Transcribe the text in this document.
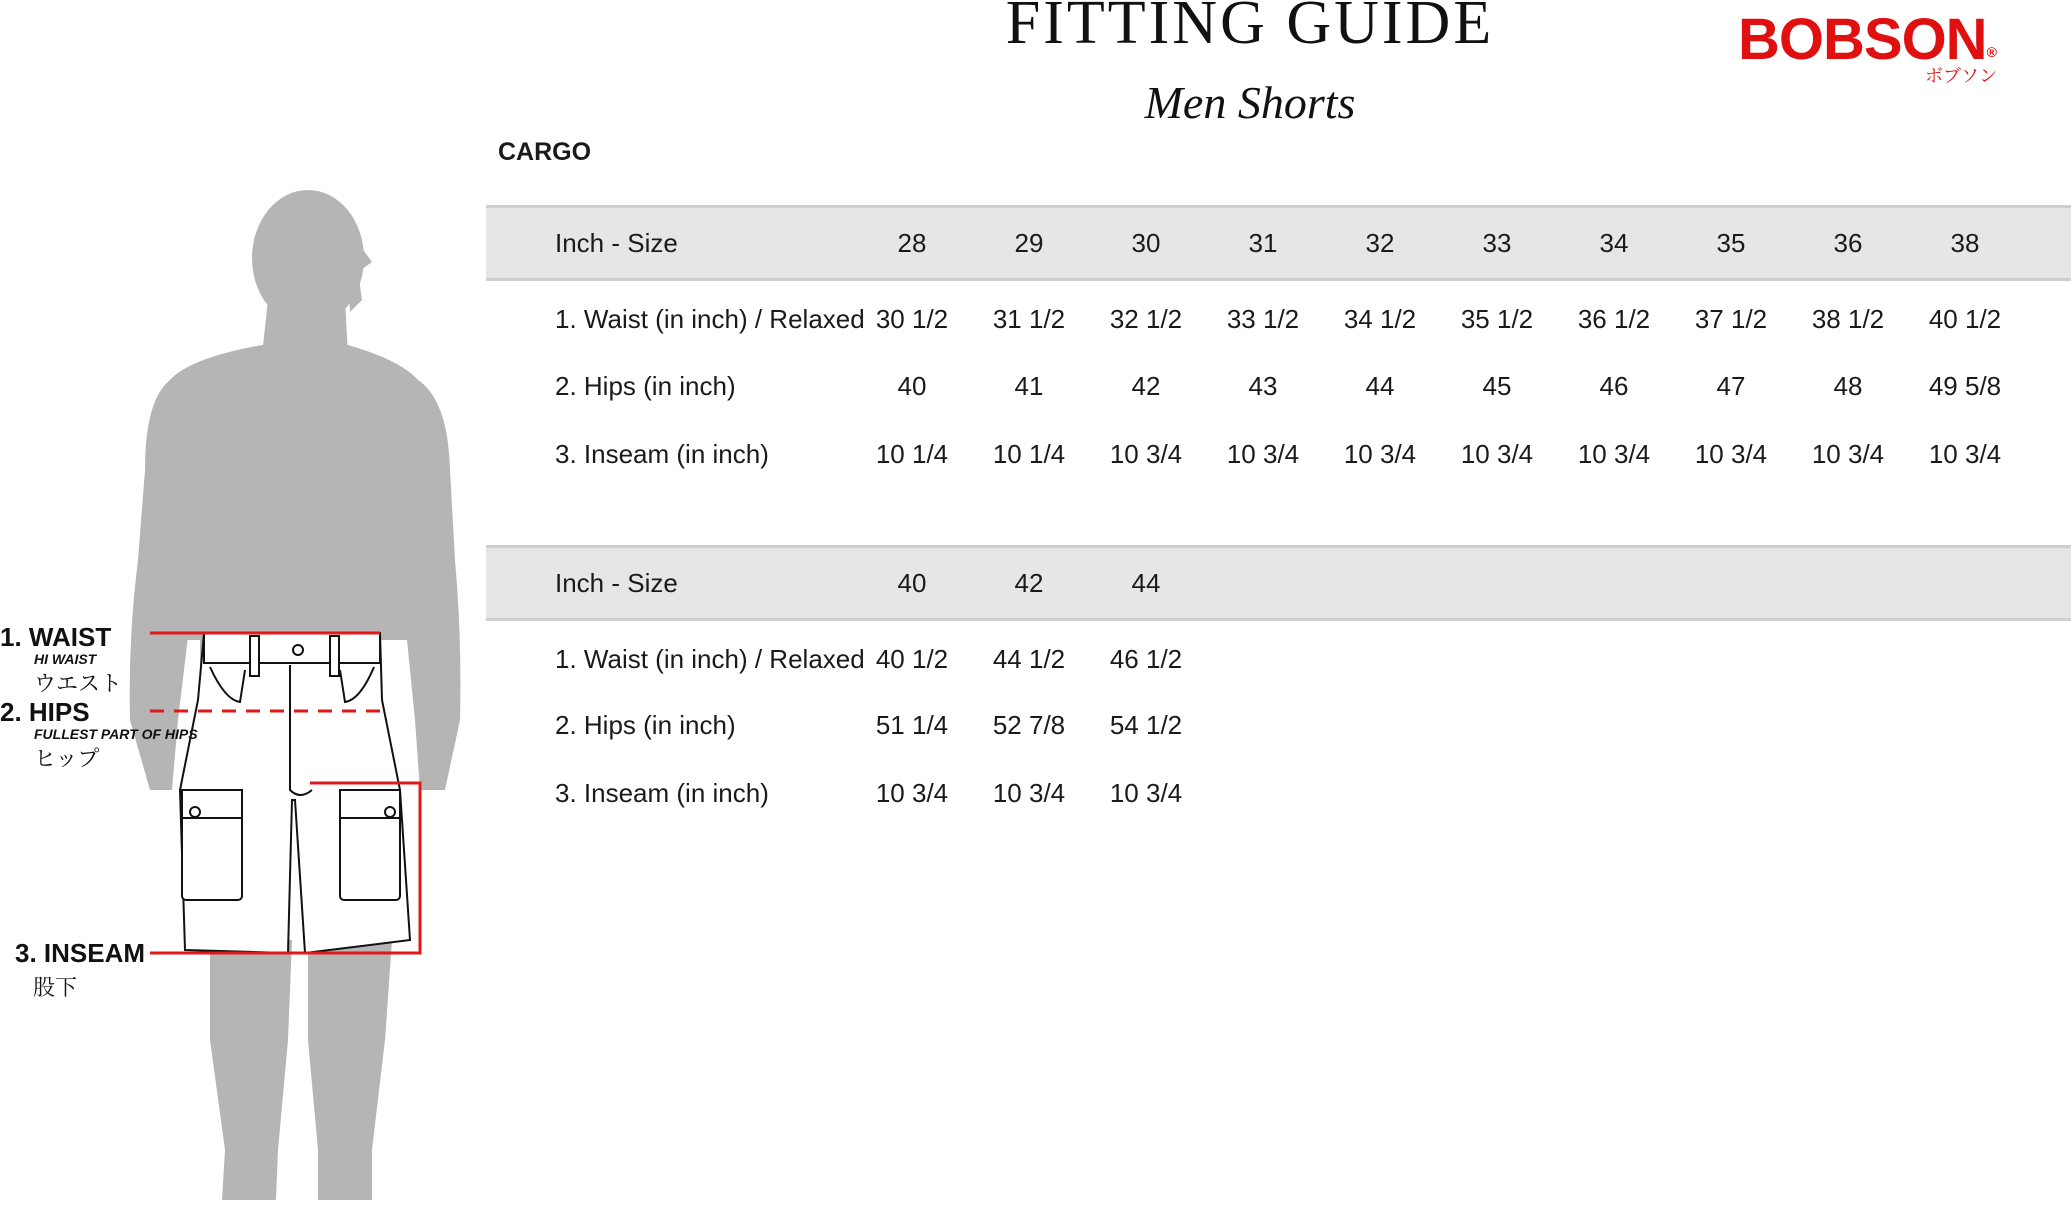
FITTING GUIDE
Men Shorts
BOBSON®
ボブソン
CARGO
1. WAIST
HI WAIST
ウエスト
2. HIPS
FULLEST PART OF HIPS
ヒップ
3. INSEAM
股下
Inch - Size	28	29	30	31	32	33	34	35	36	38
1. Waist (in inch) / Relaxed 30 1/2	31 1/2	32 1/2	33 1/2	34 1/2	35 1/2	36 1/2	37 1/2	38 1/2	40 1/2
2. Hips (in inch)	40	41	42	43	44	45	46	47	48	49 5/8
3. Inseam (in inch)	10 1/4	10 1/4	10 3/4	10 3/4	10 3/4	10 3/4	10 3/4	10 3/4	10 3/4	10 3/4
Inch - Size	40	42	44
1. Waist (in inch) / Relaxed 40 1/2	44 1/2	46 1/2
2. Hips (in inch)	51 1/4	52 7/8	54 1/2
3. Inseam (in inch)	10 3/4	10 3/4	10 3/4
